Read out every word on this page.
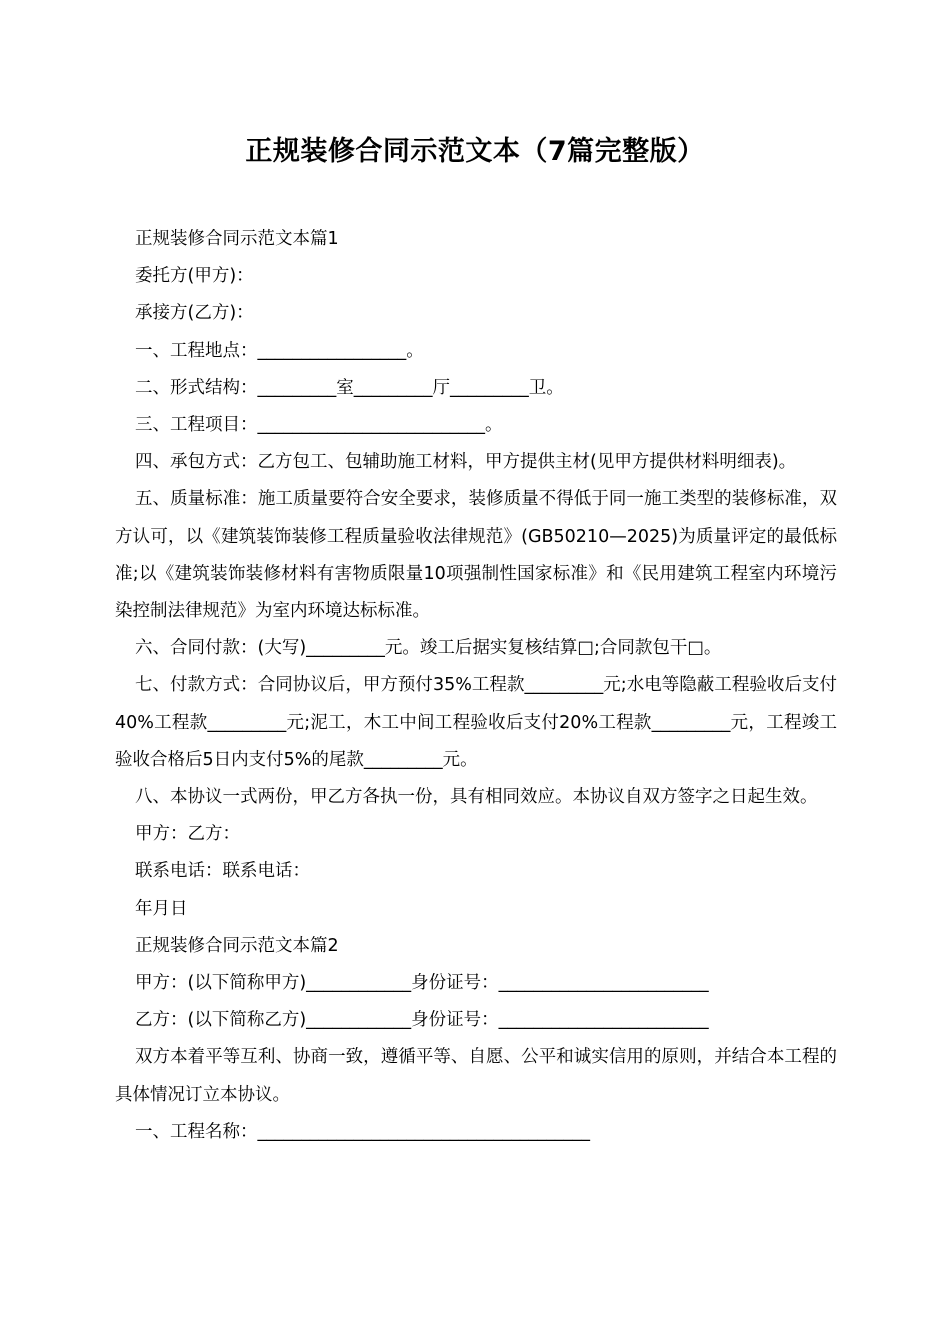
正规装修合同示范文本（7篇完整版）

正规装修合同示范文本篇1

委托方(甲方)：

承接方(乙方)：

一、工程地点：_________________。

二、形式结构：_________室_________厅_________卫。

三、工程项目：__________________________。

四、承包方式：乙方包工、包辅助施工材料，甲方提供主材(见甲方提供材料明细表)。

五、质量标准：施工质量要符合安全要求，装修质量不得低于同一施工类型的装修标准，双方认可，以《建筑装饰装修工程质量验收法律规范》(GB50210—2025)为质量评定的最低标准;以《建筑装饰装修材料有害物质限量10项强制性国家标准》和《民用建筑工程室内环境污染控制法律规范》为室内环境达标标准。

六、合同付款：(大写)_________元。竣工后据实复核结算□;合同款包干□。

七、付款方式：合同协议后，甲方预付35%工程款_________元;水电等隐蔽工程验收后支付40%工程款_________元;泥工，木工中间工程验收后支付20%工程款_________元，工程竣工验收合格后5日内支付5%的尾款_________元。

八、本协议一式两份，甲乙方各执一份，具有相同效应。本协议自双方签字之日起生效。

甲方：乙方：

联系电话：联系电话：

年月日

正规装修合同示范文本篇2

甲方：(以下简称甲方)____________身份证号：________________________

乙方：(以下简称乙方)____________身份证号：________________________

双方本着平等互利、协商一致，遵循平等、自愿、公平和诚实信用的原则，并结合本工程的具体情况订立本协议。

一、工程名称：______________________________________
